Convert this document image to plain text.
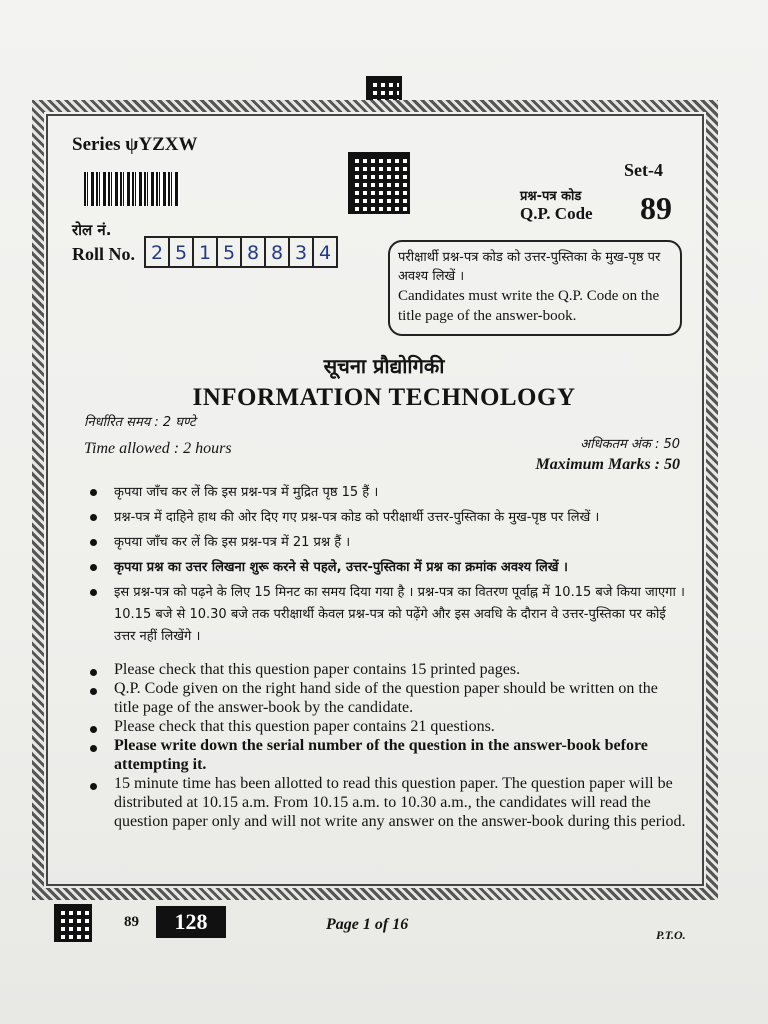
Series ψYZXW
Set-4
प्रश्न-पत्र कोड
Q.P. Code 89
रोल नं.
Roll No. 2 5 1 5 8 8 3 4	परीक्षार्थी प्रश्न-पत्र कोड को उत्तर-पुस्तिका के मुख-पृष्ठ पर अवश्य लिखें ।
Candidates must write the Q.P. Code on the title page of the answer-book.
सूचना प्रौद्योगिकी
INFORMATION TECHNOLOGY
निर्धारित समय : 2 घण्टे
Time allowed : 2 hours	अधिकतम अंक : 50
Maximum Marks : 50
कृपया जाँच कर लें कि इस प्रश्न-पत्र में मुद्रित पृष्ठ 15 हैं ।
प्रश्न-पत्र में दाहिने हाथ की ओर दिए गए प्रश्न-पत्र कोड को परीक्षार्थी उत्तर-पुस्तिका के मुख-पृष्ठ पर लिखें ।
कृपया जाँच कर लें कि इस प्रश्न-पत्र में 21 प्रश्न हैं ।
कृपया प्रश्न का उत्तर लिखना शुरू करने से पहले, उत्तर-पुस्तिका में प्रश्न का क्रमांक अवश्य लिखें ।
इस प्रश्न-पत्र को पढ़ने के लिए 15 मिनट का समय दिया गया है । प्रश्न-पत्र का वितरण पूर्वाह्न में 10.15 बजे किया जाएगा । 10.15 बजे से 10.30 बजे तक परीक्षार्थी केवल प्रश्न-पत्र को पढ़ेंगे और इस अवधि के दौरान वे उत्तर-पुस्तिका पर कोई उत्तर नहीं लिखेंगे ।
Please check that this question paper contains 15 printed pages.
Q.P. Code given on the right hand side of the question paper should be written on the title page of the answer-book by the candidate.
Please check that this question paper contains 21 questions.
Please write down the serial number of the question in the answer-book before attempting it.
15 minute time has been allotted to read this question paper. The question paper will be distributed at 10.15 a.m. From 10.15 a.m. to 10.30 a.m., the candidates will read the question paper only and will not write any answer on the answer-book during this period.
89	128	Page 1 of 16
P.T.O.
